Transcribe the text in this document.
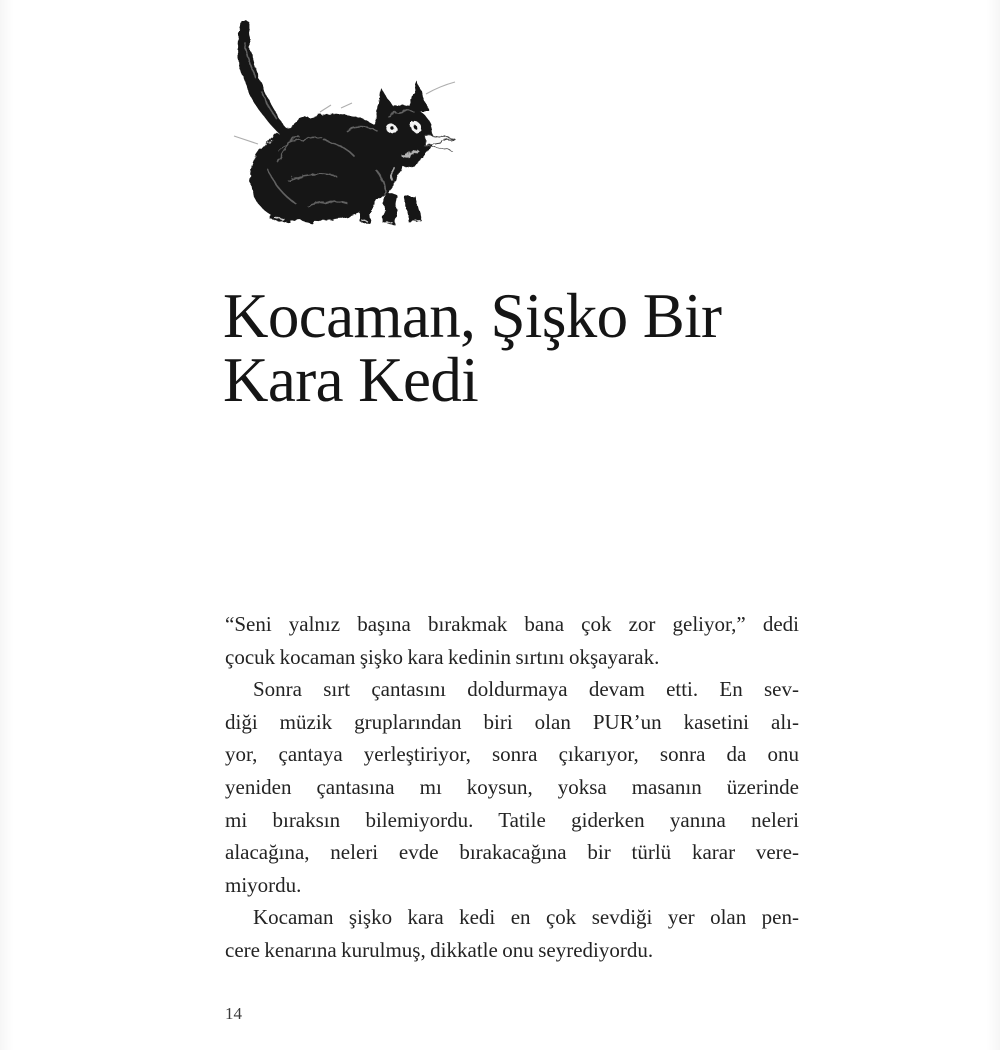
Kocaman, Şişko Bir
Kara Kedi
“Seni yalnız başına bırakmak bana çok zor geliyor,” dedi
çocuk kocaman şişko kara kedinin sırtını okşayarak.
Sonra sırt çantasını doldurmaya devam etti. En sev-
diği müzik gruplarından biri olan PUR’un kasetini alı-
yor, çantaya yerleştiriyor, sonra çıkarıyor, sonra da onu
yeniden çantasına mı koysun, yoksa masanın üzerinde
mi bıraksın bilemiyordu. Tatile giderken yanına neleri
alacağına, neleri evde bırakacağına bir türlü karar vere-
miyordu.
Kocaman şişko kara kedi en çok sevdiği yer olan pen-
cere kenarına kurulmuş, dikkatle onu seyrediyordu.
14
